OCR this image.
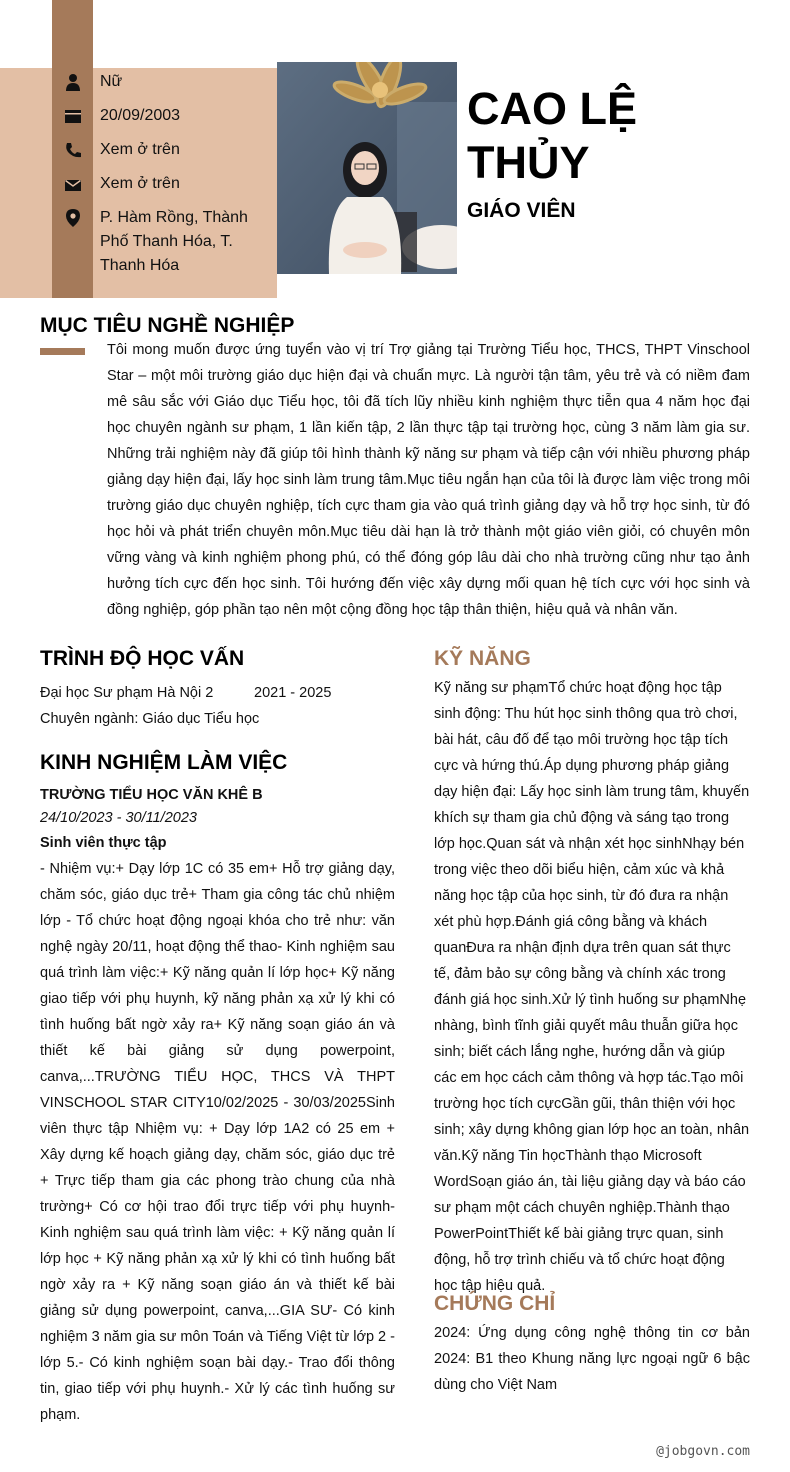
Nữ
20/09/2003
Xem ở trên
Xem ở trên
P. Hàm Rồng, Thành Phố Thanh Hóa, T. Thanh Hóa
CAO LỆ THỦY
GIÁO VIÊN
MỤC TIÊU NGHỀ NGHIỆP
Tôi mong muốn được ứng tuyển vào vị trí Trợ giảng tại Trường Tiểu học, THCS, THPT Vinschool Star – một môi trường giáo dục hiện đại và chuẩn mực. Là người tận tâm, yêu trẻ và có niềm đam mê sâu sắc với Giáo dục Tiểu học, tôi đã tích lũy nhiều kinh nghiệm thực tiễn qua 4 năm học đại học chuyên ngành sư phạm, 1 lần kiến tập, 2 lần thực tập tại trường học, cùng 3 năm làm gia sư. Những trải nghiệm này đã giúp tôi hình thành kỹ năng sư phạm và tiếp cận với nhiều phương pháp giảng dạy hiện đại, lấy học sinh làm trung tâm.Mục tiêu ngắn hạn của tôi là được làm việc trong môi trường giáo dục chuyên nghiệp, tích cực tham gia vào quá trình giảng dạy và hỗ trợ học sinh, từ đó học hỏi và phát triển chuyên môn.Mục tiêu dài hạn là trở thành một giáo viên giỏi, có chuyên môn vững vàng và kinh nghiệm phong phú, có thể đóng góp lâu dài cho nhà trường cũng như tạo ảnh hưởng tích cực đến học sinh. Tôi hướng đến việc xây dựng mối quan hệ tích cực với học sinh và đồng nghiệp, góp phần tạo nên một cộng đồng học tập thân thiện, hiệu quả và nhân văn.
TRÌNH ĐỘ HỌC VẤN
Đại học Sư phạm Hà Nội 2	2021 - 2025
Chuyên ngành: Giáo dục Tiểu học
KINH NGHIỆM LÀM VIỆC
TRƯỜNG TIỂU HỌC VĂN KHÊ B
24/10/2023 - 30/11/2023
Sinh viên thực tập
- Nhiệm vụ:+ Dạy lớp 1C có 35 em+ Hỗ trợ giảng dạy, chăm sóc, giáo dục trẻ+ Tham gia công tác chủ nhiệm lớp - Tổ chức hoạt động ngoại khóa cho trẻ như: văn nghệ ngày 20/11, hoạt động thể thao- Kinh nghiệm sau quá trình làm việc:+ Kỹ năng quản lí lớp học+ Kỹ năng giao tiếp với phụ huynh, kỹ năng phản xạ xử lý khi có tình huống bất ngờ xảy ra+ Kỹ năng soạn giáo án và thiết kế bài giảng sử dụng powerpoint, canva,...TRƯỜNG TIỂU HỌC, THCS VÀ THPT VINSCHOOL STAR CITY10/02/2025 - 30/03/2025Sinh viên thực tập Nhiệm vụ: + Dạy lớp 1A2 có 25 em + Xây dựng kế hoạch giảng dạy, chăm sóc, giáo dục trẻ + Trực tiếp tham gia các phong trào chung của nhà trường+ Có cơ hội trao đổi trực tiếp với phụ huynh- Kinh nghiệm sau quá trình làm việc: + Kỹ năng quản lí lớp học + Kỹ năng phản xạ xử lý khi có tình huống bất ngờ xảy ra + Kỹ năng soạn giáo án và thiết kế bài giảng sử dụng powerpoint, canva,...GIA SƯ- Có kinh nghiệm 3 năm gia sư môn Toán và Tiếng Việt từ lớp 2 - lớp 5.- Có kinh nghiệm soạn bài dạy.- Trao đổi thông tin, giao tiếp với phụ huynh.- Xử lý các tình huống sư phạm.
KỸ NĂNG
Kỹ năng sư phạmTổ chức hoạt động học tập sinh động: Thu hút học sinh thông qua trò chơi, bài hát, câu đố để tạo môi trường học tập tích cực và hứng thú.Áp dụng phương pháp giảng dạy hiện đại: Lấy học sinh làm trung tâm, khuyến khích sự tham gia chủ động và sáng tạo trong lớp học.Quan sát và nhận xét học sinhNhạy bén trong việc theo dõi biểu hiện, cảm xúc và khả năng học tập của học sinh, từ đó đưa ra nhận xét phù hợp.Đánh giá công bằng và khách quanĐưa ra nhận định dựa trên quan sát thực tế, đảm bảo sự công bằng và chính xác trong đánh giá học sinh.Xử lý tình huống sư phạmNhẹ nhàng, bình tĩnh giải quyết mâu thuẫn giữa học sinh; biết cách lắng nghe, hướng dẫn và giúp các em học cách cảm thông và hợp tác.Tạo môi trường học tích cựcGần gũi, thân thiện với học sinh; xây dựng không gian lớp học an toàn, nhân văn.Kỹ năng Tin họcThành thạo Microsoft WordSoạn giáo án, tài liệu giảng dạy và báo cáo sư phạm một cách chuyên nghiệp.Thành thạo PowerPointThiết kế bài giảng trực quan, sinh động, hỗ trợ trình chiếu và tổ chức hoạt động học tập hiệu quả.
CHỨNG CHỈ
2024: Ứng dụng công nghệ thông tin cơ bản 2024: B1 theo Khung năng lực ngoại ngữ 6 bậc dùng cho Việt Nam
@jobgovn.com
